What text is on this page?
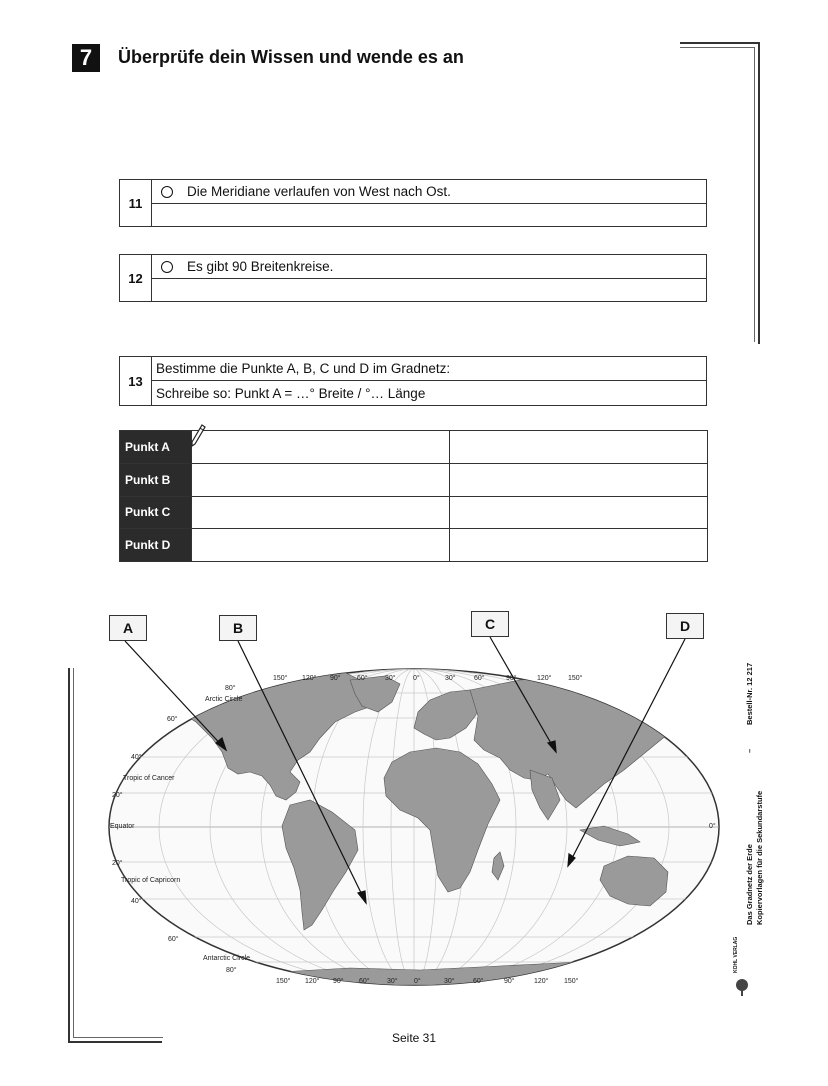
7	Überprüfe dein Wissen und wende es an
11
Die Meridiane verlaufen von West nach Ost.
12
Es gibt 90 Breitenkreise.
13
Bestimme die Punkte A, B, C und D im Gradnetz:
Schreibe so: Punkt A = …° Breite / °… Länge
Punkt A		
Punkt B		
Punkt C		
Punkt D		
A	B	C	D
150° 120° 90° 60° 30° 0°	30°	60°	90°	120° 150°
150° 120° 90° 60° 30° 0°	30°	60°	90°	120° 150°
80°
Arctic Circle
60°
40°
Tropic of Cancer
20°
Equator	0°
20°
Tropic of Capricorn
40°
60°
Antarctic Circle
80°
Bestell-Nr. 12 217
–
Das Gradnetz der Erde Kopiervorlagen für die Sekundarstufe
KOHL VERLAG
Seite 31
